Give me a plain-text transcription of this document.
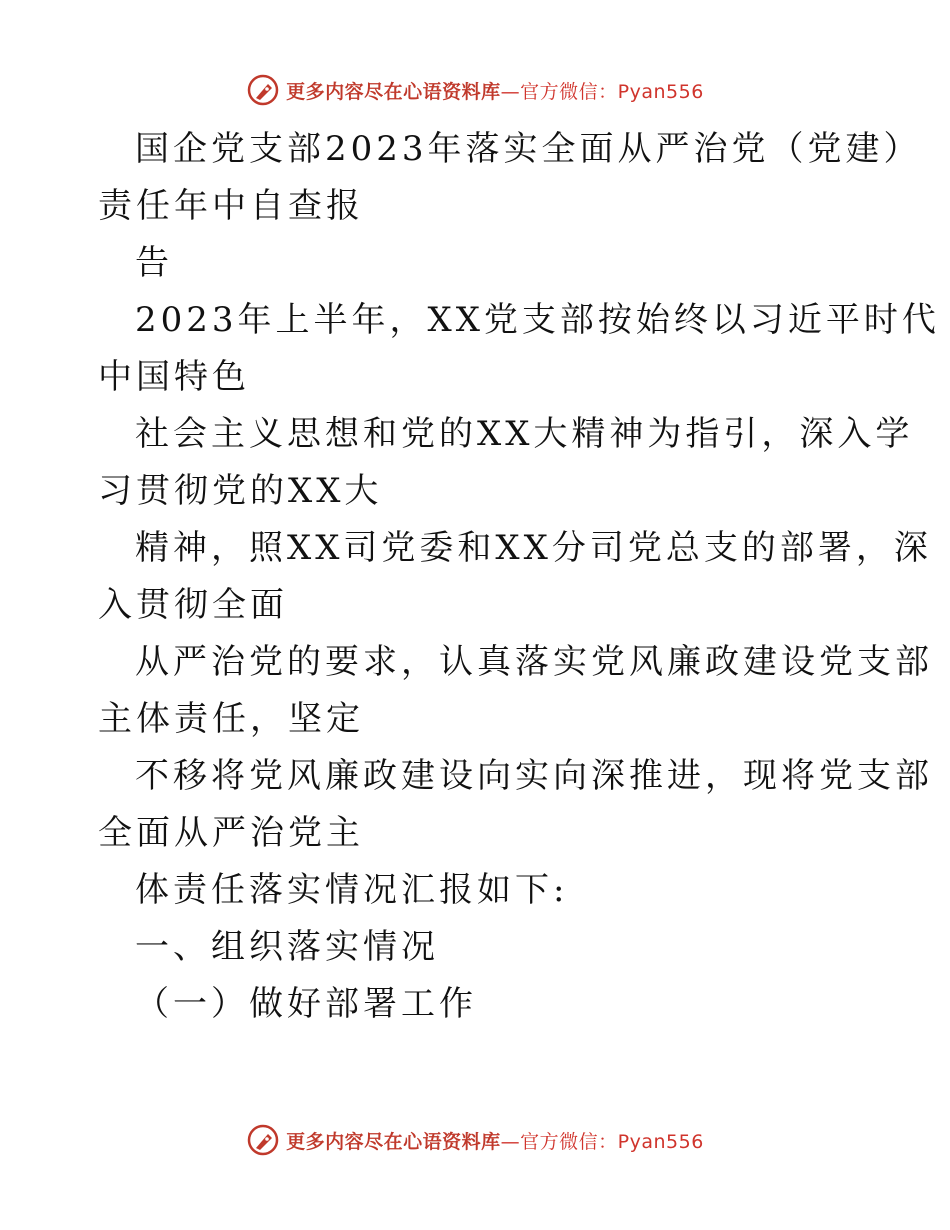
更多内容尽在心语资料库 —官方微信：Pyan556
国企党支部2023年落实全面从严治党（党建）
责任年中自查报
告
2023年上半年，XX党支部按始终以习近平时代
中国特色
社会主义思想和党的XX大精神为指引，深入学
习贯彻党的XX大
精神，照XX司党委和XX分司党总支的部署，深
入贯彻全面
从严治党的要求，认真落实党风廉政建设党支部
主体责任，坚定
不移将党风廉政建设向实向深推进，现将党支部
全面从严治党主
体责任落实情况汇报如下:
一、组织落实情况
（一）做好部署工作
更多内容尽在心语资料库 —官方微信：Pyan556
